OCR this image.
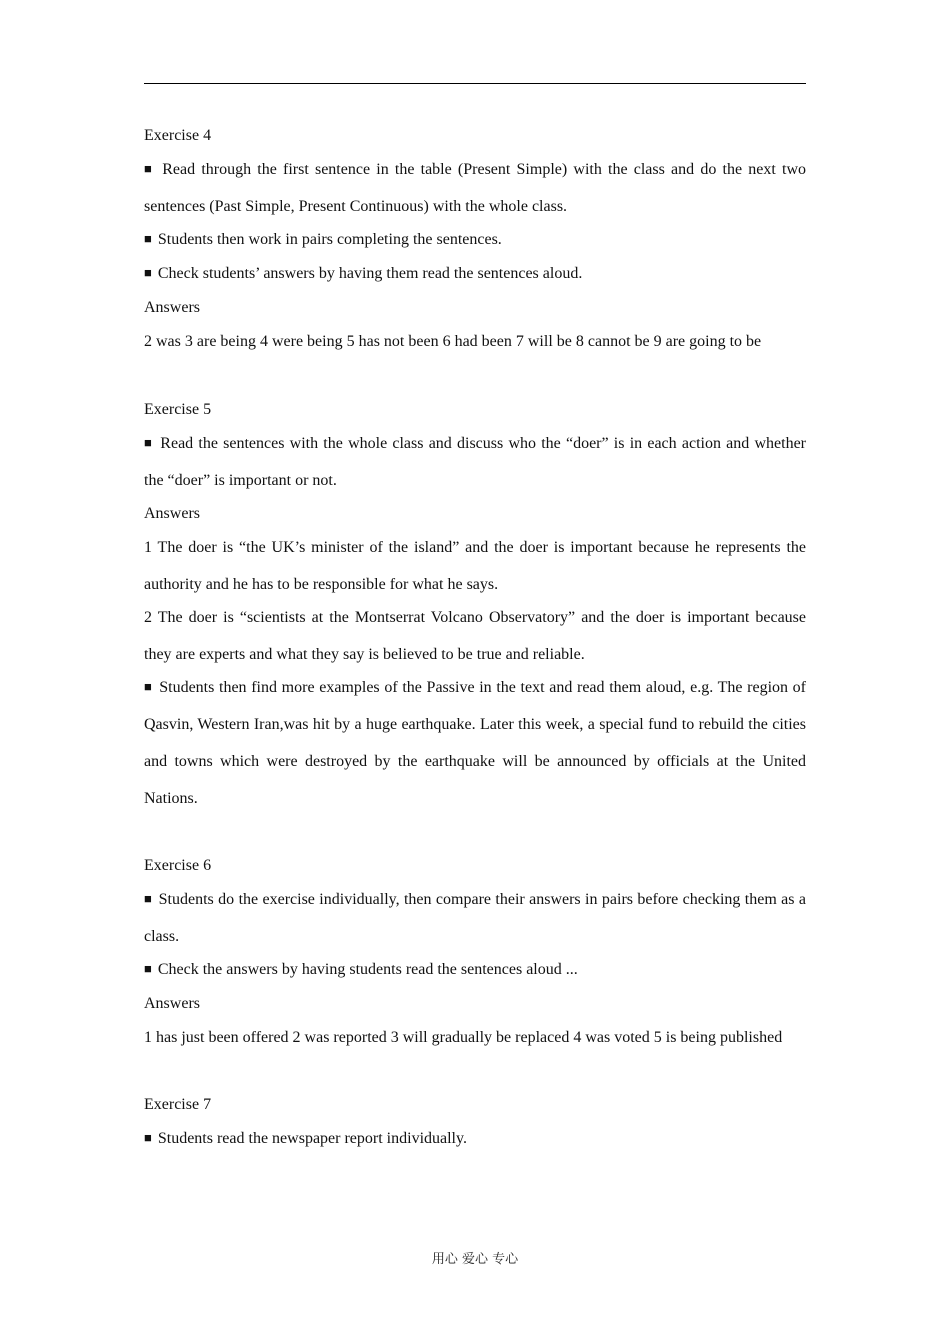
Exercise 4

■ Read through the first sentence in the table (Present Simple) with the class and do the next two sentences (Past Simple, Present Continuous) with the whole class.

■ Students then work in pairs completing the sentences.

■ Check students’ answers by having them read the sentences aloud.

Answers

2 was 3 are being 4 were being 5 has not been 6 had been 7 will be 8 cannot be 9 are going to be

Exercise 5

■ Read the sentences with the whole class and discuss who the “doer” is in each action and whether the “doer” is important or not.

Answers

1 The doer is “the UK’s minister of the island” and the doer is important because he represents the authority and he has to be responsible for what he says.

2 The doer is “scientists at the Montserrat Volcano Observatory” and the doer is important because they are experts and what they say is believed to be true and reliable.

■ Students then find more examples of the Passive in the text and read them aloud, e.g. The region of Qasvin, Western Iran,was hit by a huge earthquake. Later this week, a special fund to rebuild the cities and towns which were destroyed by the earthquake will be announced by officials at the United Nations.

Exercise 6

■ Students do the exercise individually, then compare their answers in pairs before checking them as a class.

■ Check the answers by having students read the sentences aloud ...

Answers

1 has just been offered 2 was reported 3 will gradually be replaced 4 was voted 5 is being published

Exercise 7

■ Students read the newspaper report individually.

用心 爱心 专心
